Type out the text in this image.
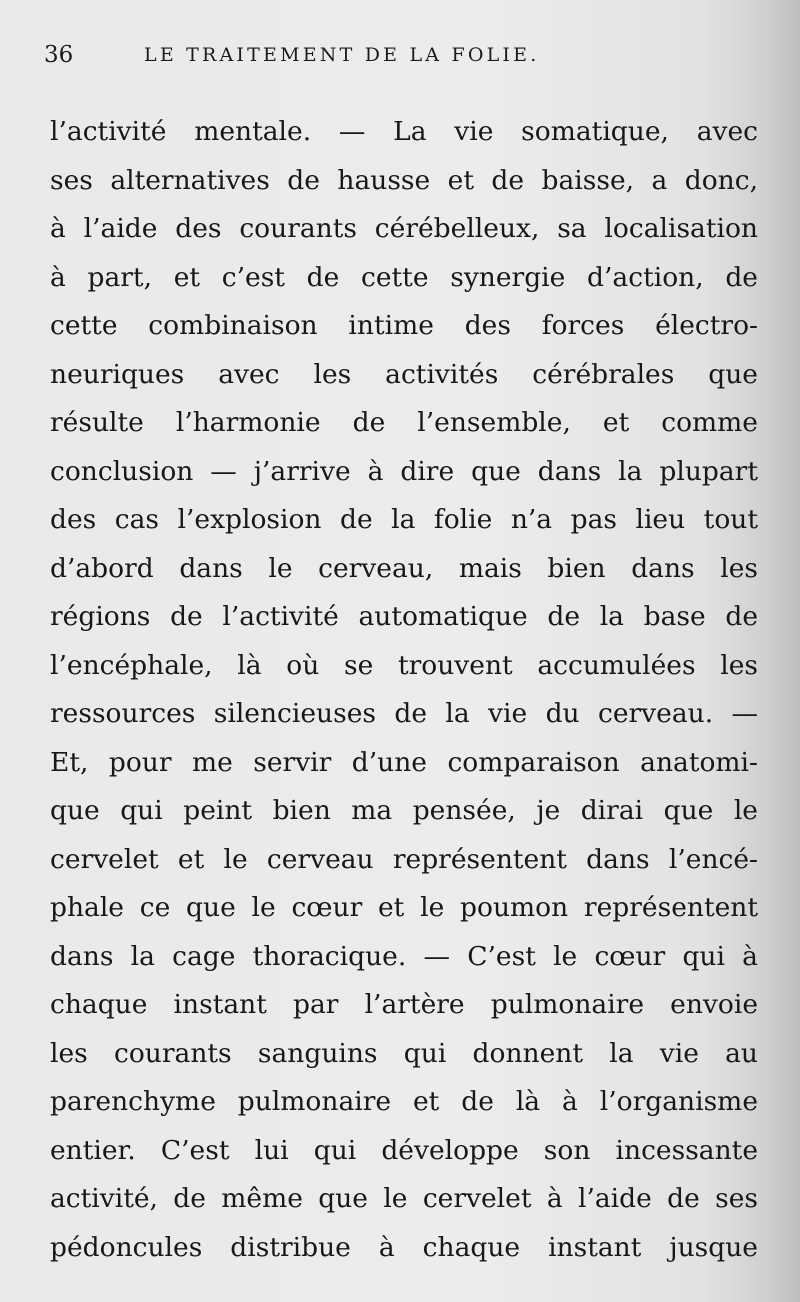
36	LE TRAITEMENT DE LA FOLIE.
l’activité mentale. — La vie somatique, avec
ses alternatives de hausse et de baisse, a donc,
à l’aide des courants cérébelleux, sa localisation
à part, et c’est de cette synergie d’action, de
cette combinaison intime des forces électro-
neuriques avec les activités cérébrales que
résulte l’harmonie de l’ensemble, et comme
conclusion — j’arrive à dire que dans la plupart
des cas l’explosion de la folie n’a pas lieu tout
d’abord dans le cerveau, mais bien dans les
régions de l’activité automatique de la base de
l’encéphale, là où se trouvent accumulées les
ressources silencieuses de la vie du cerveau. —
Et, pour me servir d’une comparaison anatomi-
que qui peint bien ma pensée, je dirai que le
cervelet et le cerveau représentent dans l’encé-
phale ce que le cœur et le poumon représentent
dans la cage thoracique. — C’est le cœur qui à
chaque instant par l’artère pulmonaire envoie
les courants sanguins qui donnent la vie au
parenchyme pulmonaire et de là à l’organisme
entier. C’est lui qui développe son incessante
activité, de même que le cervelet à l’aide de ses
pédoncules distribue à chaque instant jusque
